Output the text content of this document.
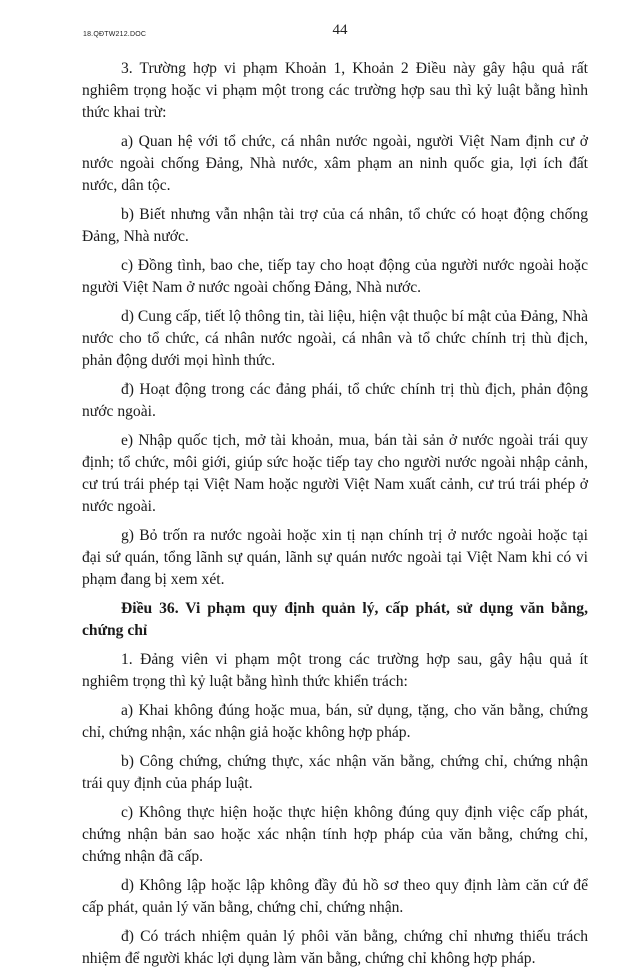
18.QĐTW212.DOC	44

3. Trường hợp vi phạm Khoản 1, Khoản 2 Điều này gây hậu quả rất nghiêm trọng hoặc vi phạm một trong các trường hợp sau thì kỷ luật bằng hình thức khai trừ:

a) Quan hệ với tổ chức, cá nhân nước ngoài, người Việt Nam định cư ở nước ngoài chống Đảng, Nhà nước, xâm phạm an ninh quốc gia, lợi ích đất nước, dân tộc.

b) Biết nhưng vẫn nhận tài trợ của cá nhân, tổ chức có hoạt động chống Đảng, Nhà nước.

c) Đồng tình, bao che, tiếp tay cho hoạt động của người nước ngoài hoặc người Việt Nam ở nước ngoài chống Đảng, Nhà nước.

d) Cung cấp, tiết lộ thông tin, tài liệu, hiện vật thuộc bí mật của Đảng, Nhà nước cho tổ chức, cá nhân nước ngoài, cá nhân và tổ chức chính trị thù địch, phản động dưới mọi hình thức.

đ) Hoạt động trong các đảng phái, tổ chức chính trị thù địch, phản động nước ngoài.

e) Nhập quốc tịch, mở tài khoản, mua, bán tài sản ở nước ngoài trái quy định; tổ chức, môi giới, giúp sức hoặc tiếp tay cho người nước ngoài nhập cảnh, cư trú trái phép tại Việt Nam hoặc người Việt Nam xuất cảnh, cư trú trái phép ở nước ngoài.

g) Bỏ trốn ra nước ngoài hoặc xin tị nạn chính trị ở nước ngoài hoặc tại đại sứ quán, tổng lãnh sự quán, lãnh sự quán nước ngoài tại Việt Nam khi có vi phạm đang bị xem xét.

Điều 36. Vi phạm quy định quản lý, cấp phát, sử dụng văn bằng, chứng chỉ

1. Đảng viên vi phạm một trong các trường hợp sau, gây hậu quả ít nghiêm trọng thì kỷ luật bằng hình thức khiển trách:

a) Khai không đúng hoặc mua, bán, sử dụng, tặng, cho văn bằng, chứng chỉ, chứng nhận, xác nhận giả hoặc không hợp pháp.

b) Công chứng, chứng thực, xác nhận văn bằng, chứng chỉ, chứng nhận trái quy định của pháp luật.

c) Không thực hiện hoặc thực hiện không đúng quy định việc cấp phát, chứng nhận bản sao hoặc xác nhận tính hợp pháp của văn bằng, chứng chỉ, chứng nhận đã cấp.

d) Không lập hoặc lập không đầy đủ hồ sơ theo quy định làm căn cứ để cấp phát, quản lý văn bằng, chứng chỉ, chứng nhận.

đ) Có trách nhiệm quản lý phôi văn bằng, chứng chỉ nhưng thiếu trách nhiệm để người khác lợi dụng làm văn bằng, chứng chỉ không hợp pháp.
